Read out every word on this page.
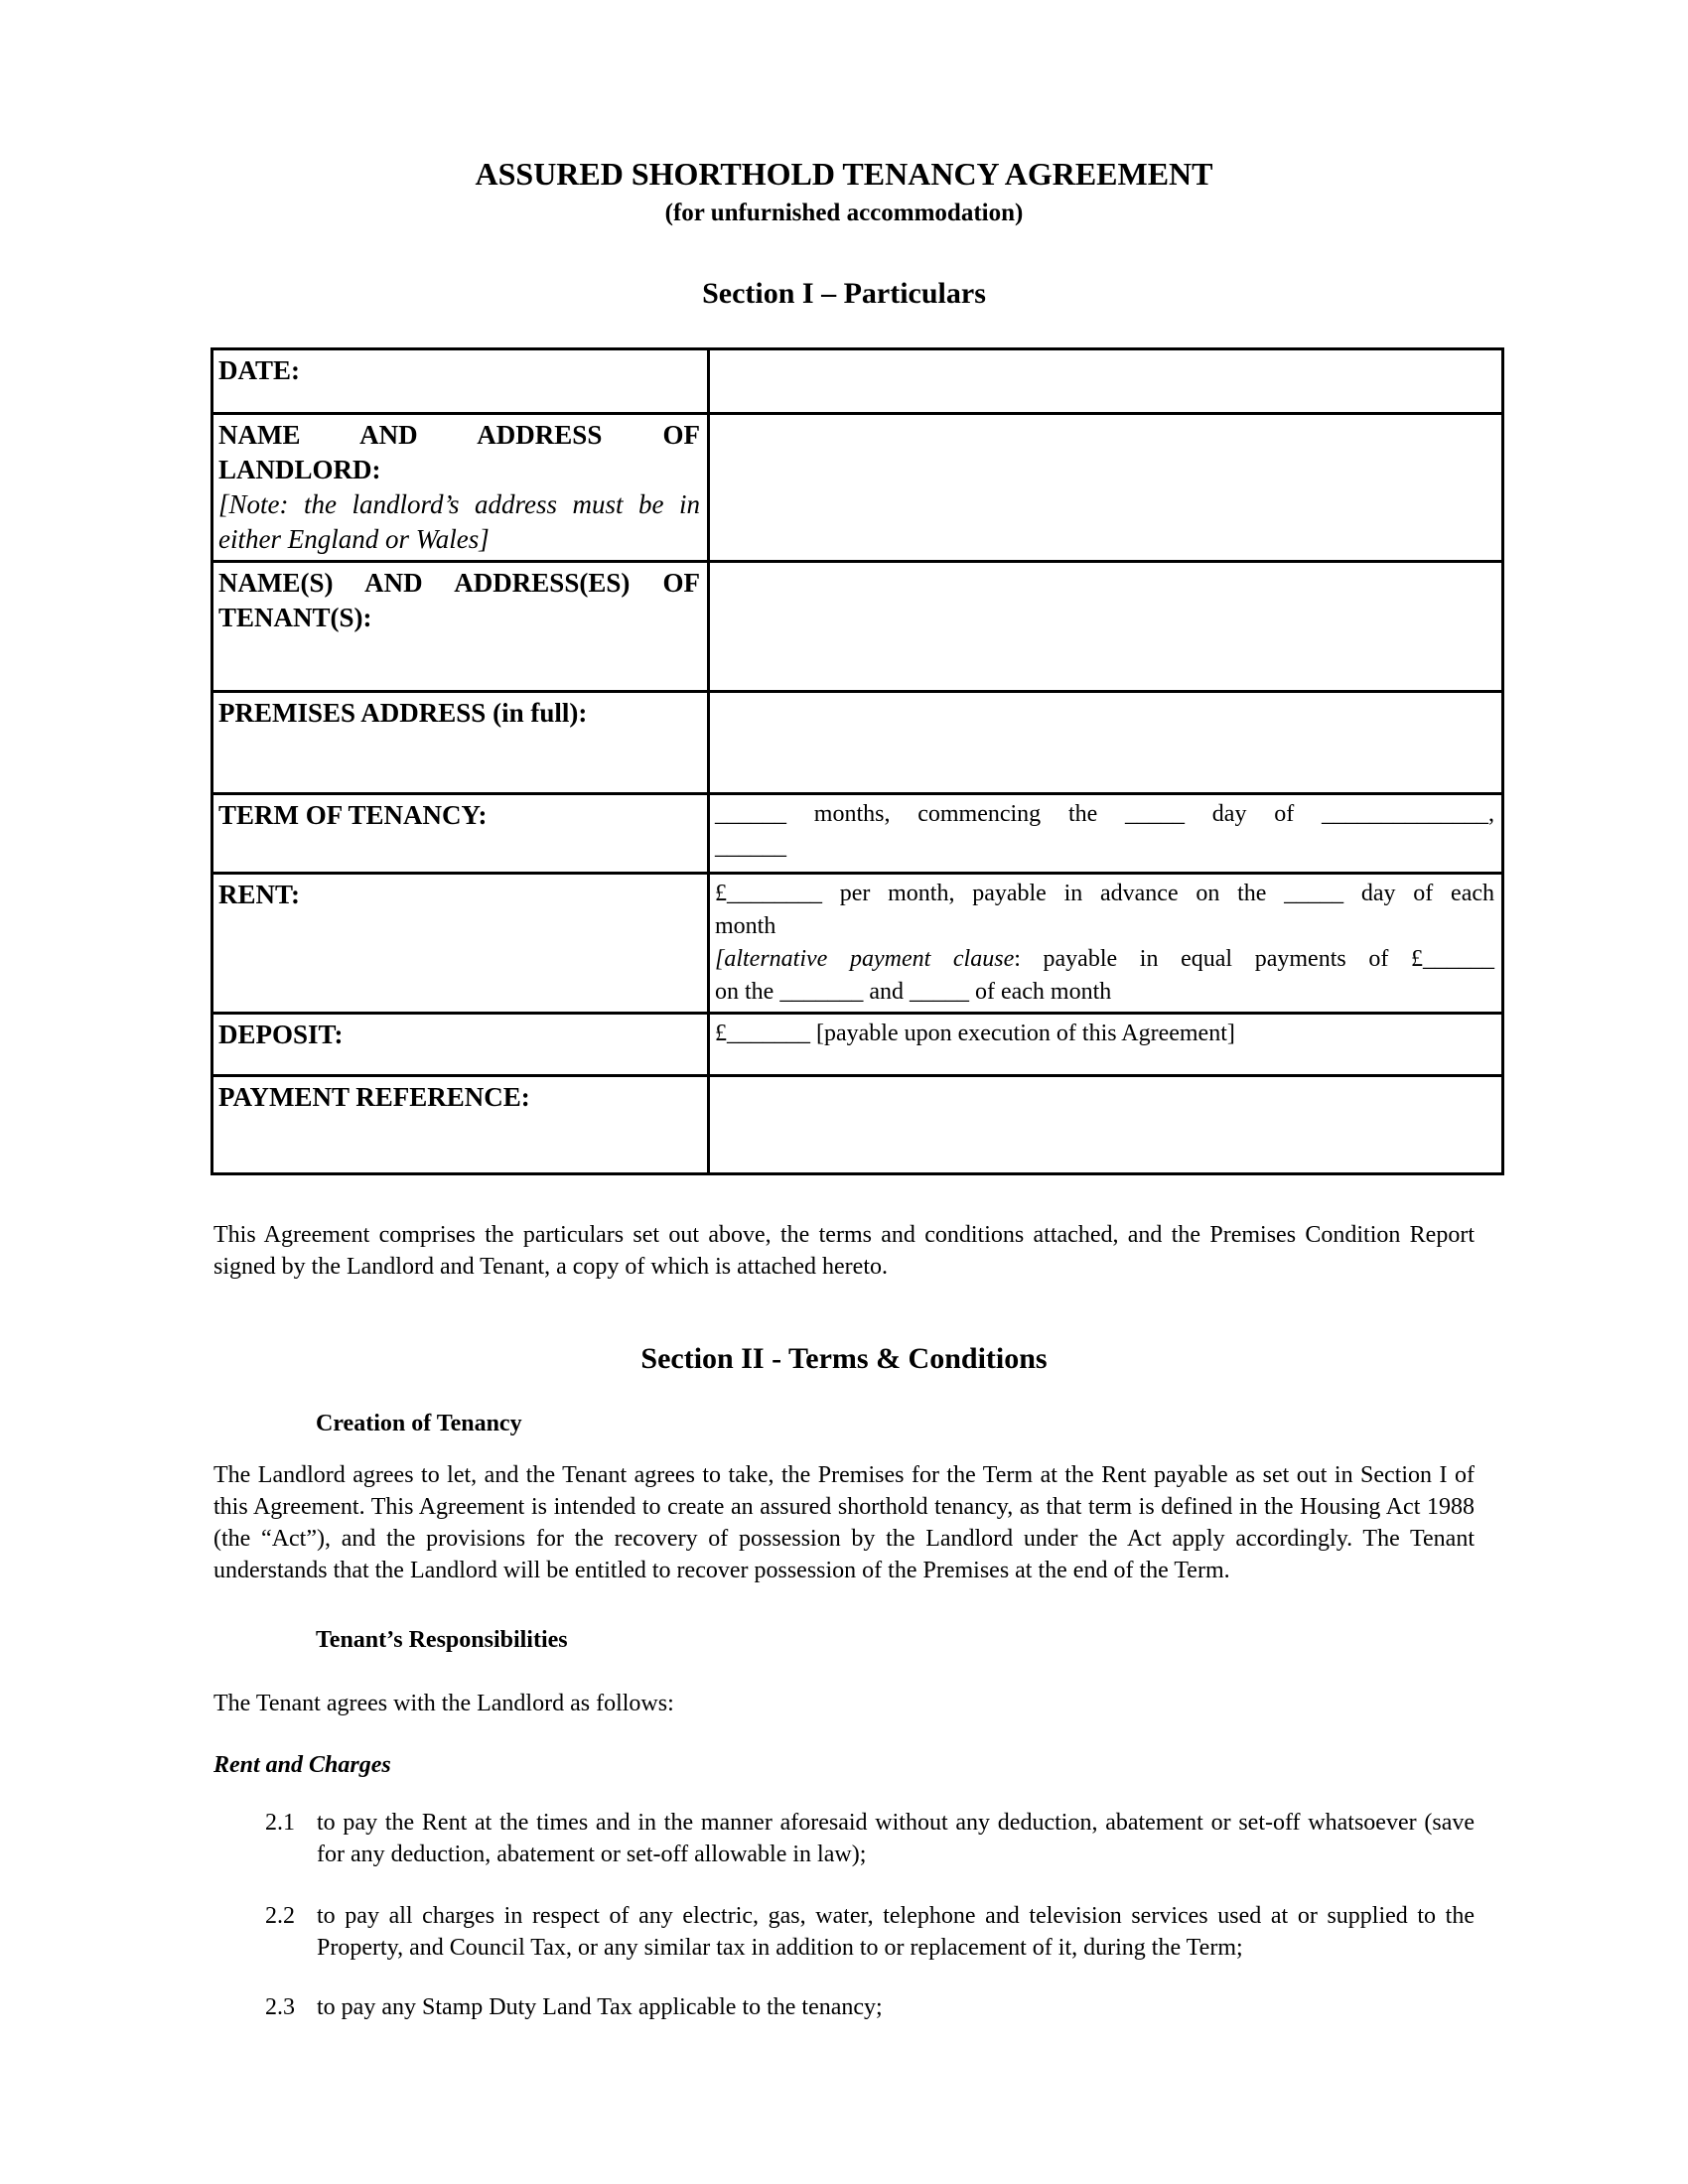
ASSURED SHORTHOLD TENANCY AGREEMENT
(for unfurnished accommodation)
Section I – Particulars
DATE:	

NAME AND ADDRESS OF
LANDLORD:
[Note: the landlord’s address must be in either England or Wales]	

NAME(S) AND ADDRESS(ES) OF
TENANT(S):	

PREMISES ADDRESS (in full):	
TERM OF TENANCY:	______ months, commencing the _____ day of ______________,
______

RENT:	£________ per month, payable in advance on the _____ day of each
month
[alternative payment clause: payable in equal payments of £______
on the _______ and _____ of each month

DEPOSIT:	£_______ [payable upon execution of this Agreement]
PAYMENT REFERENCE:	

This Agreement comprises the particulars set out above, the terms and conditions attached, and the Premises Condition Report signed by the Landlord and Tenant, a copy of which is attached hereto.

Section II - Terms & Conditions
Creation of Tenancy

The Landlord agrees to let, and the Tenant agrees to take, the Premises for the Term at the Rent payable as set out in Section I of this Agreement. This Agreement is intended to create an assured shorthold tenancy, as that term is defined in the Housing Act 1988 (the “Act”), and the provisions for the recovery of possession by the Landlord under the Act apply accordingly. The Tenant understands that the Landlord will be entitled to recover possession of the Premises at the end of the Term.

Tenant’s Responsibilities

The Tenant agrees with the Landlord as follows:

Rent and Charges
2.1 to pay the Rent at the times and in the manner aforesaid without any deduction, abatement or set-off whatsoever (save for any deduction, abatement or set-off allowable in law);
2.2 to pay all charges in respect of any electric, gas, water, telephone and television services used at or supplied to the Property, and Council Tax, or any similar tax in addition to or replacement of it, during the Term;
2.3 to pay any Stamp Duty Land Tax applicable to the tenancy;
